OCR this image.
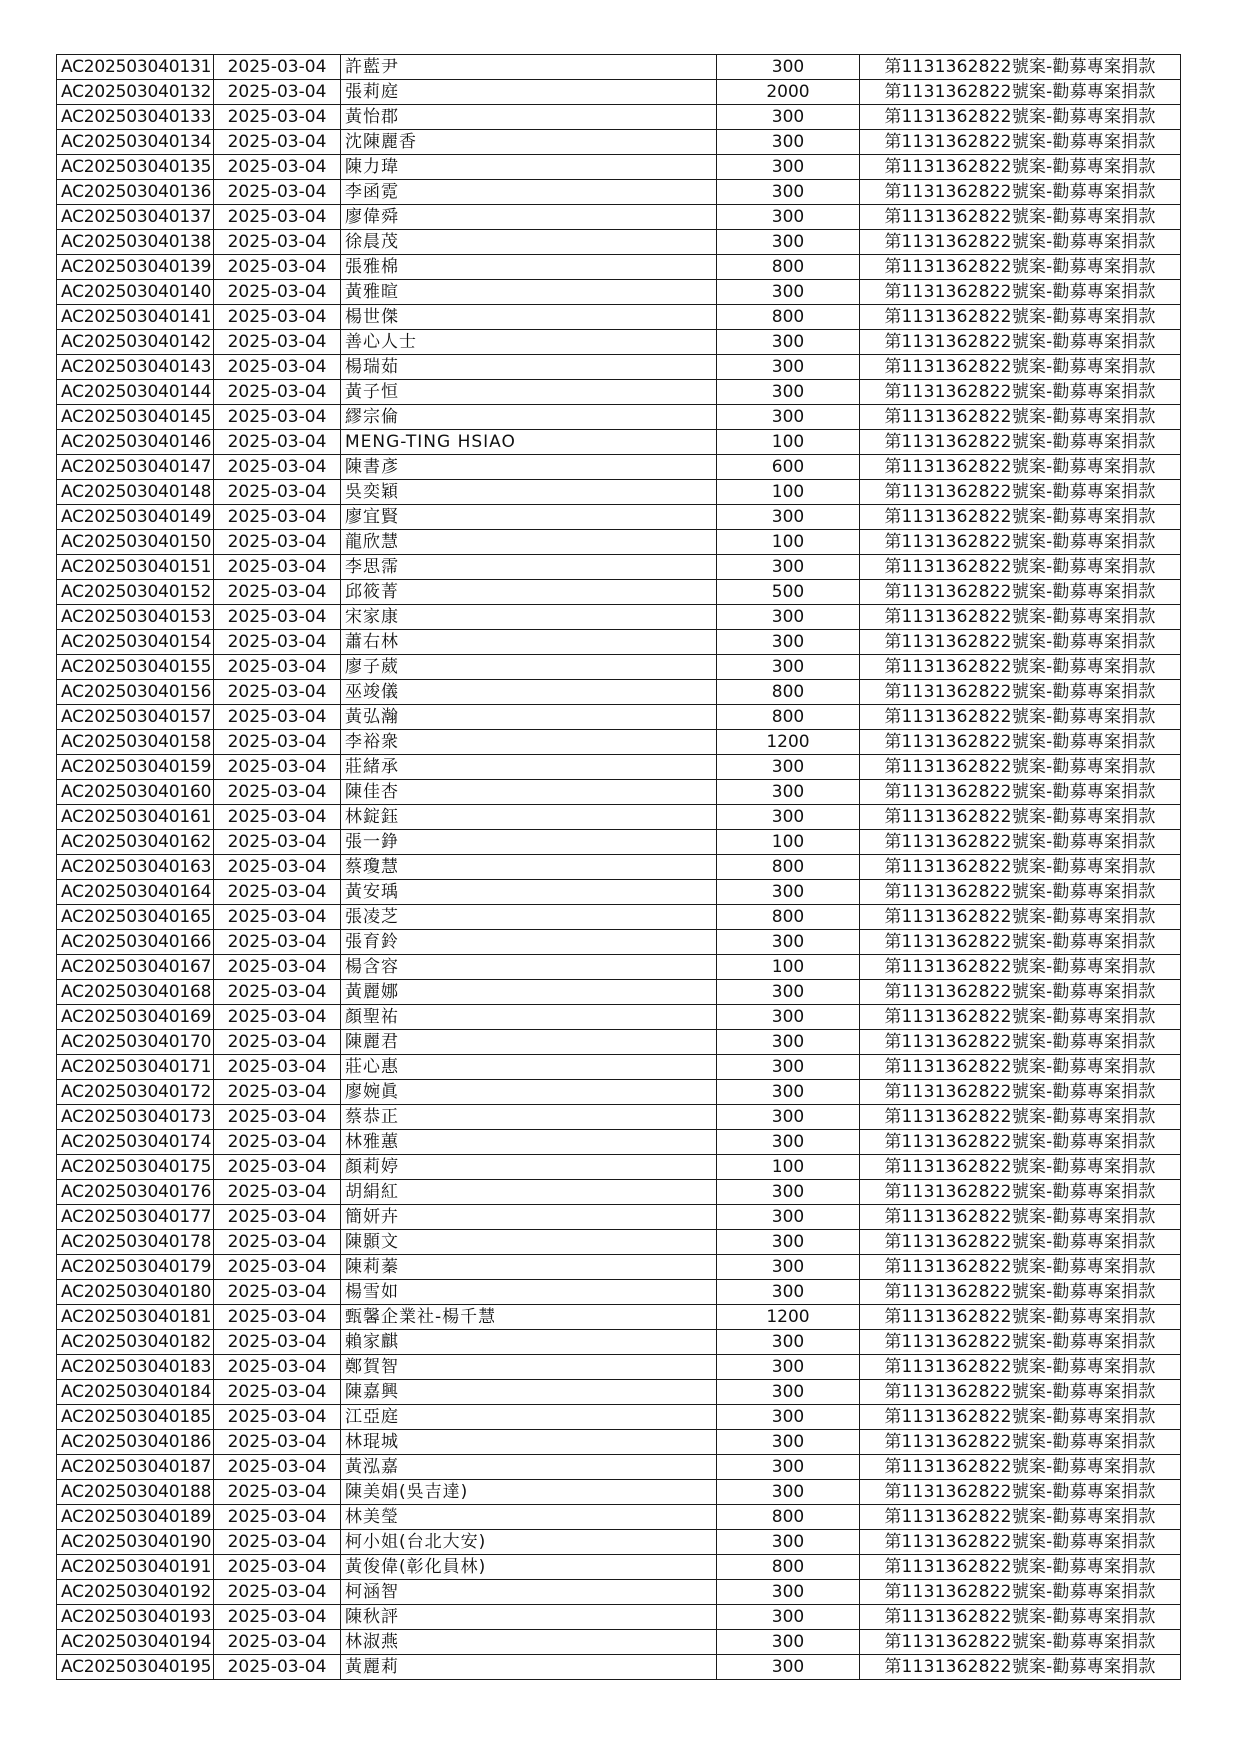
AC202503040131	2025-03-04	許藍尹	300	第1131362822號案-勸募專案捐款
AC202503040132	2025-03-04	張莉庭	2000	第1131362822號案-勸募專案捐款
AC202503040133	2025-03-04	黃怡郡	300	第1131362822號案-勸募專案捐款
AC202503040134	2025-03-04	沈陳麗香	300	第1131362822號案-勸募專案捐款
AC202503040135	2025-03-04	陳力瑋	300	第1131362822號案-勸募專案捐款
AC202503040136	2025-03-04	李函霓	300	第1131362822號案-勸募專案捐款
AC202503040137	2025-03-04	廖偉舜	300	第1131362822號案-勸募專案捐款
AC202503040138	2025-03-04	徐晨茂	300	第1131362822號案-勸募專案捐款
AC202503040139	2025-03-04	張雅棉	800	第1131362822號案-勸募專案捐款
AC202503040140	2025-03-04	黃雅暄	300	第1131362822號案-勸募專案捐款
AC202503040141	2025-03-04	楊世傑	800	第1131362822號案-勸募專案捐款
AC202503040142	2025-03-04	善心人士	300	第1131362822號案-勸募專案捐款
AC202503040143	2025-03-04	楊瑞茹	300	第1131362822號案-勸募專案捐款
AC202503040144	2025-03-04	黃子恒	300	第1131362822號案-勸募專案捐款
AC202503040145	2025-03-04	繆宗倫	300	第1131362822號案-勸募專案捐款
AC202503040146	2025-03-04	MENG-TING HSIAO	100	第1131362822號案-勸募專案捐款
AC202503040147	2025-03-04	陳書彥	600	第1131362822號案-勸募專案捐款
AC202503040148	2025-03-04	吳奕穎	100	第1131362822號案-勸募專案捐款
AC202503040149	2025-03-04	廖宜賢	300	第1131362822號案-勸募專案捐款
AC202503040150	2025-03-04	龍欣慧	100	第1131362822號案-勸募專案捐款
AC202503040151	2025-03-04	李思霈	300	第1131362822號案-勸募專案捐款
AC202503040152	2025-03-04	邱筱菁	500	第1131362822號案-勸募專案捐款
AC202503040153	2025-03-04	宋家康	300	第1131362822號案-勸募專案捐款
AC202503040154	2025-03-04	蕭右林	300	第1131362822號案-勸募專案捐款
AC202503040155	2025-03-04	廖子葳	300	第1131362822號案-勸募專案捐款
AC202503040156	2025-03-04	巫竣儀	800	第1131362822號案-勸募專案捐款
AC202503040157	2025-03-04	黃弘瀚	800	第1131362822號案-勸募專案捐款
AC202503040158	2025-03-04	李裕衆	1200	第1131362822號案-勸募專案捐款
AC202503040159	2025-03-04	莊緒承	300	第1131362822號案-勸募專案捐款
AC202503040160	2025-03-04	陳佳杏	300	第1131362822號案-勸募專案捐款
AC202503040161	2025-03-04	林錠鈺	300	第1131362822號案-勸募專案捐款
AC202503040162	2025-03-04	張一錚	100	第1131362822號案-勸募專案捐款
AC202503040163	2025-03-04	蔡瓊慧	800	第1131362822號案-勸募專案捐款
AC202503040164	2025-03-04	黃安瑀	300	第1131362822號案-勸募專案捐款
AC202503040165	2025-03-04	張凌芝	800	第1131362822號案-勸募專案捐款
AC202503040166	2025-03-04	張育鈴	300	第1131362822號案-勸募專案捐款
AC202503040167	2025-03-04	楊含容	100	第1131362822號案-勸募專案捐款
AC202503040168	2025-03-04	黃麗娜	300	第1131362822號案-勸募專案捐款
AC202503040169	2025-03-04	顏聖祐	300	第1131362822號案-勸募專案捐款
AC202503040170	2025-03-04	陳麗君	300	第1131362822號案-勸募專案捐款
AC202503040171	2025-03-04	莊心惠	300	第1131362822號案-勸募專案捐款
AC202503040172	2025-03-04	廖婉眞	300	第1131362822號案-勸募專案捐款
AC202503040173	2025-03-04	蔡恭正	300	第1131362822號案-勸募專案捐款
AC202503040174	2025-03-04	林雅蕙	300	第1131362822號案-勸募專案捐款
AC202503040175	2025-03-04	顏莉婷	100	第1131362822號案-勸募專案捐款
AC202503040176	2025-03-04	胡絹紅	300	第1131362822號案-勸募專案捐款
AC202503040177	2025-03-04	簡妍卉	300	第1131362822號案-勸募專案捐款
AC202503040178	2025-03-04	陳顥文	300	第1131362822號案-勸募專案捐款
AC202503040179	2025-03-04	陳莉蓁	300	第1131362822號案-勸募專案捐款
AC202503040180	2025-03-04	楊雪如	300	第1131362822號案-勸募專案捐款
AC202503040181	2025-03-04	甄馨企業社-楊千慧	1200	第1131362822號案-勸募專案捐款
AC202503040182	2025-03-04	賴家麒	300	第1131362822號案-勸募專案捐款
AC202503040183	2025-03-04	鄭賀智	300	第1131362822號案-勸募專案捐款
AC202503040184	2025-03-04	陳嘉興	300	第1131362822號案-勸募專案捐款
AC202503040185	2025-03-04	江亞庭	300	第1131362822號案-勸募專案捐款
AC202503040186	2025-03-04	林琨城	300	第1131362822號案-勸募專案捐款
AC202503040187	2025-03-04	黃泓嘉	300	第1131362822號案-勸募專案捐款
AC202503040188	2025-03-04	陳美娟(吳吉達)	300	第1131362822號案-勸募專案捐款
AC202503040189	2025-03-04	林美瑩	800	第1131362822號案-勸募專案捐款
AC202503040190	2025-03-04	柯小姐(台北大安)	300	第1131362822號案-勸募專案捐款
AC202503040191	2025-03-04	黃俊偉(彰化員林)	800	第1131362822號案-勸募專案捐款
AC202503040192	2025-03-04	柯涵智	300	第1131362822號案-勸募專案捐款
AC202503040193	2025-03-04	陳秋評	300	第1131362822號案-勸募專案捐款
AC202503040194	2025-03-04	林淑燕	300	第1131362822號案-勸募專案捐款
AC202503040195	2025-03-04	黃麗莉	300	第1131362822號案-勸募專案捐款
